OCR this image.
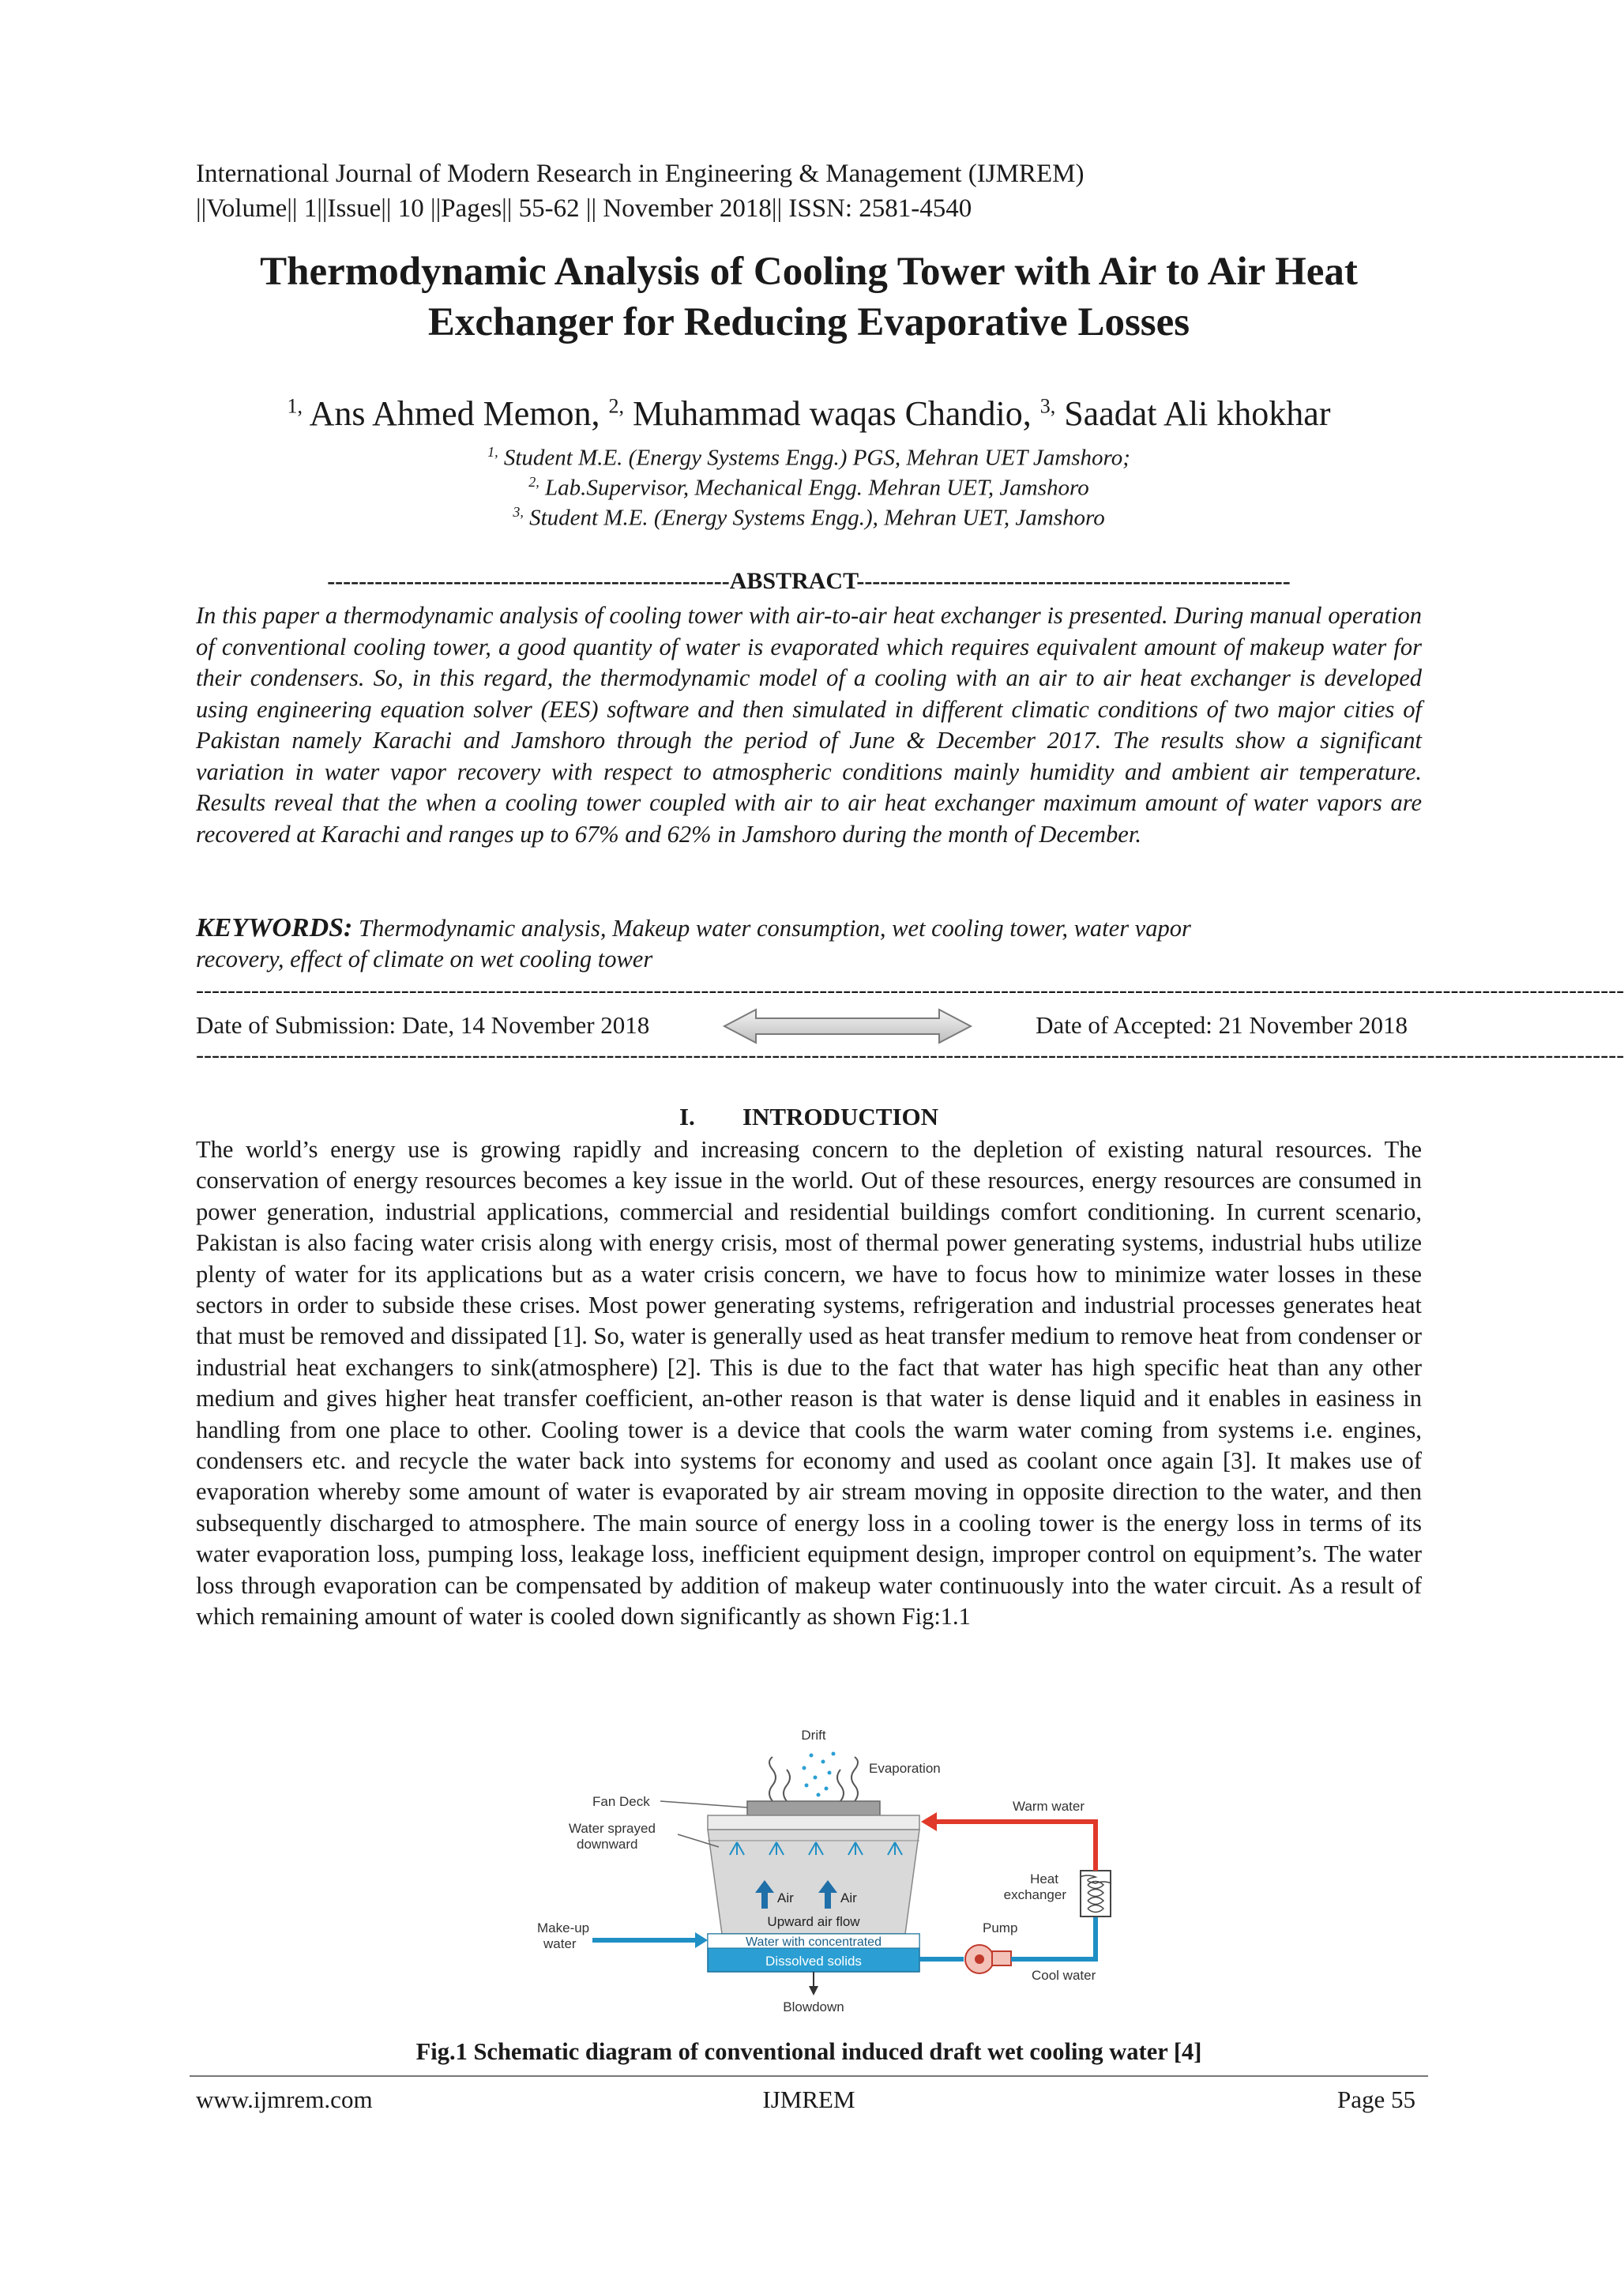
International Journal of Modern Research in Engineering & Management (IJMREM)
||Volume|| 1||Issue|| 10 ||Pages|| 55-62 || November 2018|| ISSN: 2581-4540
Thermodynamic Analysis of Cooling Tower with Air to Air Heat
Exchanger for Reducing Evaporative Losses
$^{1,}$ Ans Ahmed Memon, $^{2,}$ Muhammad waqas Chandio, $^{3,}$ Saadat Ali khokhar
$^{1,}$ Student M.E. (Energy Systems Engg.) PGS, Mehran UET Jamshoro;
$^{2,}$ Lab.Supervisor, Mechanical Engg. Mehran UET, Jamshoro
$^{3,}$ Student M.E. (Energy Systems Engg.), Mehran UET, Jamshoro
---------------------------------------------------ABSTRACT-------------------------------------------------------
In this paper a thermodynamic analysis of cooling tower with air-to-air heat exchanger is presented. During manual operation of conventional cooling tower, a good quantity of water is evaporated which requires equivalent amount of makeup water for their condensers. So, in this regard, the thermodynamic model of a cooling with an air to air heat exchanger is developed using engineering equation solver (EES) software and then simulated in different climatic conditions of two major cities of Pakistan namely Karachi and Jamshoro through the period of June & December 2017. The results show a significant variation in water vapor recovery with respect to atmospheric conditions mainly humidity and ambient air temperature. Results reveal that the when a cooling tower coupled with air to air heat exchanger maximum amount of water vapors are recovered at Karachi and ranges up to 67% and 62% in Jamshoro during the month of December.
KEYWORDS: Thermodynamic analysis, Makeup water consumption, wet cooling tower, water vapor
recovery, effect of climate on wet cooling tower
-------------------------------------------------------------------------------------------------------------------------------------------------------------------------------------
Date of Submission: Date, 14 November 2018	Date of Accepted: 21 November 2018
-------------------------------------------------------------------------------------------------------------------------------------------------------------------------------------
I. INTRODUCTION
The world’s energy use is growing rapidly and increasing concern to the depletion of existing natural resources. The conservation of energy resources becomes a key issue in the world. Out of these resources, energy resources are consumed in power generation, industrial applications, commercial and residential buildings comfort conditioning. In current scenario, Pakistan is also facing water crisis along with energy crisis, most of thermal power generating systems, industrial hubs utilize plenty of water for its applications but as a water crisis concern, we have to focus how to minimize water losses in these sectors in order to subside these crises. Most power generating systems, refrigeration and industrial processes generates heat that must be removed and dissipated [1]. So, water is generally used as heat transfer medium to remove heat from condenser or industrial heat exchangers to sink(atmosphere) [2]. This is due to the fact that water has high specific heat than any other medium and gives higher heat transfer coefficient, an-other reason is that water is dense liquid and it enables in easiness in handling from one place to other. Cooling tower is a device that cools the warm water coming from systems i.e. engines, condensers etc. and recycle the water back into systems for economy and used as coolant once again [3]. It makes use of evaporation whereby some amount of water is evaporated by air stream moving in opposite direction to the water, and then subsequently discharged to atmosphere. The main source of energy loss in a cooling tower is the energy loss in terms of its water evaporation loss, pumping loss, leakage loss, inefficient equipment design, improper control on equipment’s. The water loss through evaporation can be compensated by addition of makeup water continuously into the water circuit. As a result of which remaining amount of water is cooled down significantly as shown Fig:1.1
Drift
Evaporation
Fan Deck
Water sprayed
downward
Air	Air
Upward air flow
Water with concentrated
Dissolved solids
Make-up
water
Blowdown
Pump
Cool water
Heat
exchanger
Warm water
Fig.1 Schematic diagram of conventional induced draft wet cooling water [4]
www.ijmrem.com	IJMREM	Page 55
